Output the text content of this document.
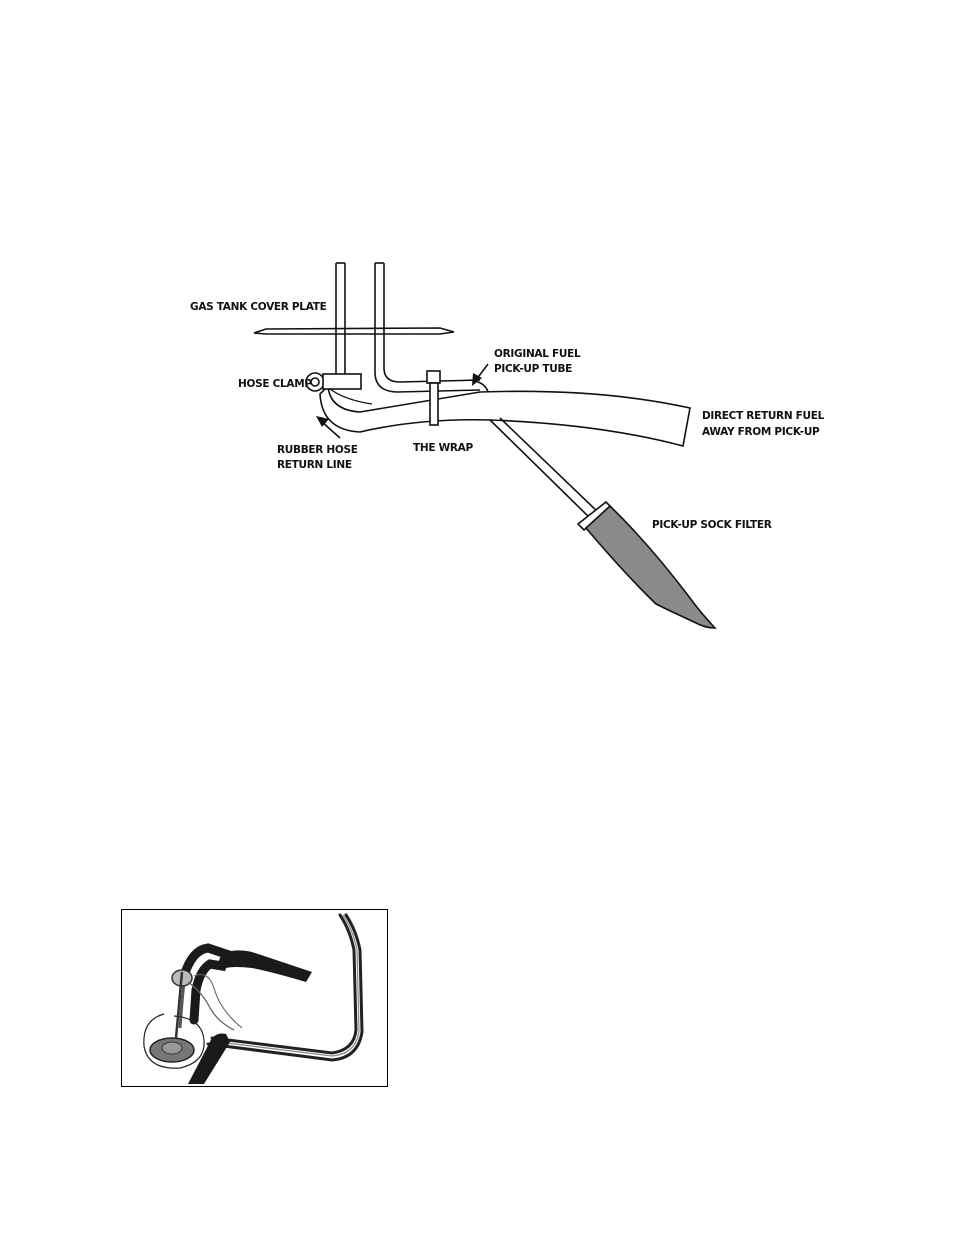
GAS TANK COVER PLATE
ORIGINAL FUEL
PICK-UP TUBE
HOSE CLAMP
DIRECT RETURN FUEL
AWAY FROM PICK-UP
RUBBER HOSE
RETURN LINE
THE WRAP
PICK-UP SOCK FILTER
